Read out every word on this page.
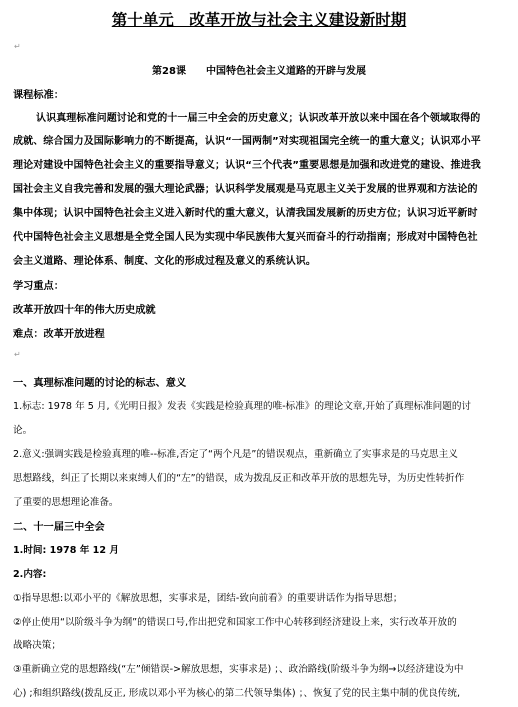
第十单元　改革开放与社会主义建设新时期
↵
第28课　　中国特色社会主义道路的开辟与发展
课程标准：
认识真理标准问题讨论和党的十一届三中全会的历史意义；认识改革开放以来中国在各个领域取得的
成就、综合国力及国际影响力的不断提高，认识“一国两制”对实现祖国完全统一的重大意义；认识邓小平
理论对建设中国特色社会主义的重要指导意义；认识“三个代表”重要思想是加强和改进党的建设、推进我
国社会主义自我完善和发展的强大理论武器；认识科学发展观是马克思主义关于发展的世界观和方法论的
集中体现；认识中国特色社会主义进入新时代的重大意义，认清我国发展新的历史方位；认识习近平新时
代中国特色社会主义思想是全党全国人民为实现中华民族伟大复兴而奋斗的行动指南；形成对中国特色社
会主义道路、理论体系、制度、文化的形成过程及意义的系统认识。
学习重点：
改革开放四十年的伟大历史成就
难点：改革开放进程
↵
一、真理标准问题的讨论的标志、意义
1.标志: 1978 年 5 月,《光明日报》发表《实践是检验真理的唯-标准》的理论文章,开始了真理标准问题的讨
论。
2.意义:强调实践是检验真理的唯--标准,否定了“两个凡是”的错误观点，重新确立了实事求是的马克思主义
思想路线，纠正了长期以来束缚人们的“左”的错误，成为拨乱反正和改革开放的思想先导，为历史性转折作
了重要的思想理论准备。
二、十一届三中全会
1.时间: 1978 年 12 月
2.内容:
①指导思想:以邓小平的《解放思想，实事求是，团结-致向前看》的重要讲话作为指导思想；
②停止使用“以阶级斗争为纲”的错误口号,作出把党和国家工作中心转移到经济建设上来，实行改革开放的
战略决策；
③重新确立党的思想路线(“左”倾错误->解放思想，实事求是) ；、政治路线(阶级斗争为纲→以经济建设为中
心) ;和组织路线(拨乱反正, 形成以邓小平为核心的第二代领导集体) ；、恢复了党的民主集中制的优良传统,
